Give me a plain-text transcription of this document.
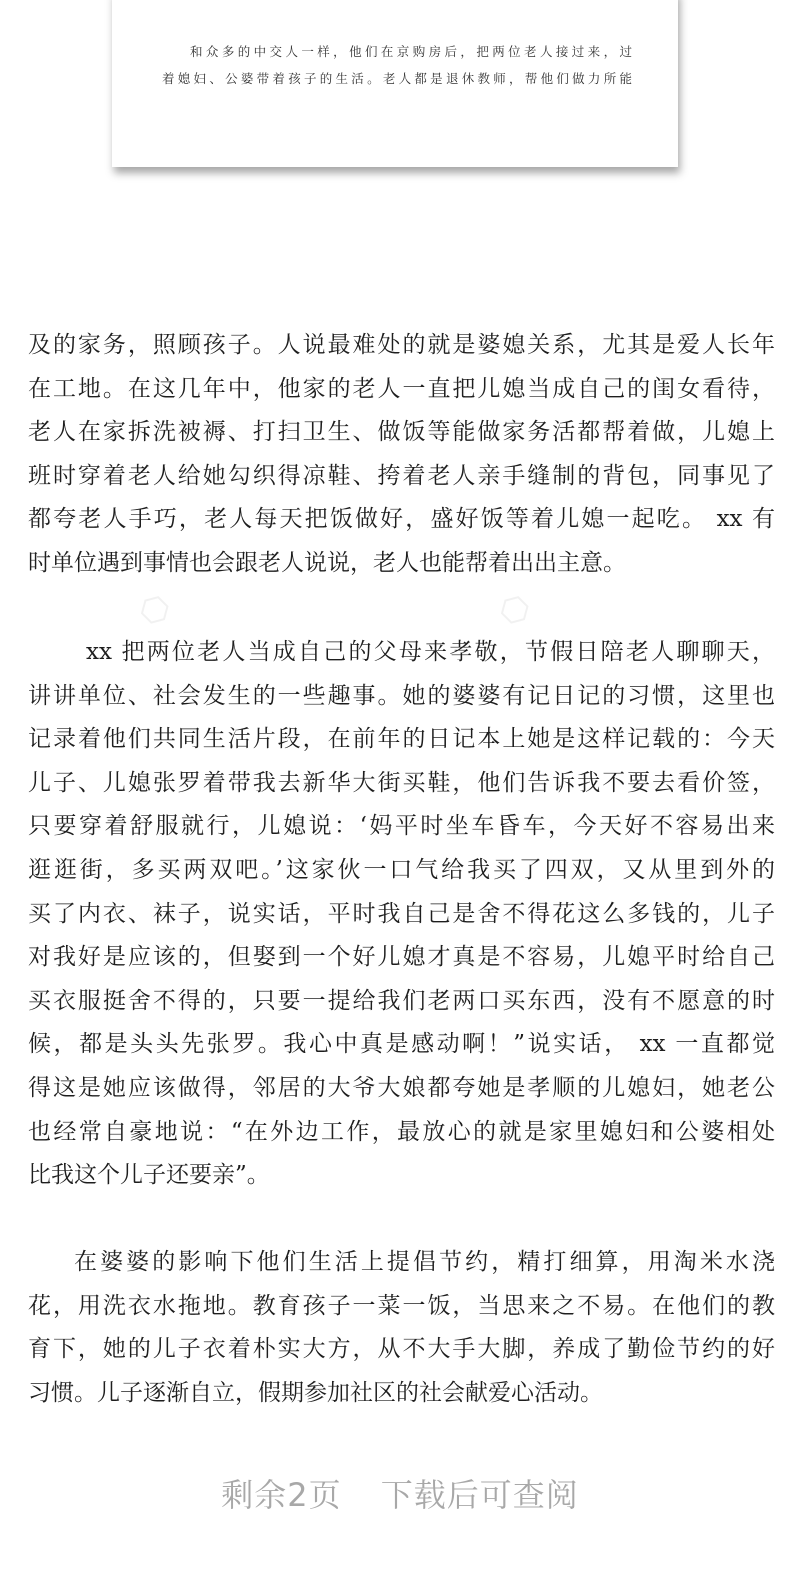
和众多的中交人一样，他们在京购房后，把两位老人接过来，过
着媳妇、公婆带着孩子的生活。老人都是退休教师，帮他们做力所能
⬡	⬡
及的家务，照顾孩子。人说最难处的就是婆媳关系，尤其是爱人长年
在工地。在这几年中，他家的老人一直把儿媳当成自己的闺女看待，
老人在家拆洗被褥、打扫卫生、做饭等能做家务活都帮着做，儿媳上
班时穿着老人给她勾织得凉鞋、挎着老人亲手缝制的背包，同事见了
都夸老人手巧，老人每天把饭做好，盛好饭等着儿媳一起吃。 xx 有
时单位遇到事情也会跟老人说说，老人也能帮着出出主意。
xx 把两位老人当成自己的父母来孝敬，节假日陪老人聊聊天，
讲讲单位、社会发生的一些趣事。她的婆婆有记日记的习惯，这里也
记录着他们共同生活片段，在前年的日记本上她是这样记载的：今天
儿子、儿媳张罗着带我去新华大街买鞋，他们告诉我不要去看价签，
只要穿着舒服就行，儿媳说：‘妈平时坐车昏车，今天好不容易出来
逛逛街，多买两双吧。’这家伙一口气给我买了四双，又从里到外的
买了内衣、袜子，说实话，平时我自己是舍不得花这么多钱的，儿子
对我好是应该的，但娶到一个好儿媳才真是不容易，儿媳平时给自己
买衣服挺舍不得的，只要一提给我们老两口买东西，没有不愿意的时
候，都是头头先张罗。我心中真是感动啊！”说实话， xx 一直都觉
得这是她应该做得，邻居的大爷大娘都夸她是孝顺的儿媳妇，她老公
也经常自豪地说：“在外边工作，最放心的就是家里媳妇和公婆相处
比我这个儿子还要亲”。
在婆婆的影响下他们生活上提倡节约，精打细算，用淘米水浇
花，用洗衣水拖地。教育孩子一菜一饭，当思来之不易。在他们的教
育下，她的儿子衣着朴实大方，从不大手大脚，养成了勤俭节约的好
习惯。儿子逐渐自立，假期参加社区的社会献爱心活动。
剩余2页 下载后可查阅
